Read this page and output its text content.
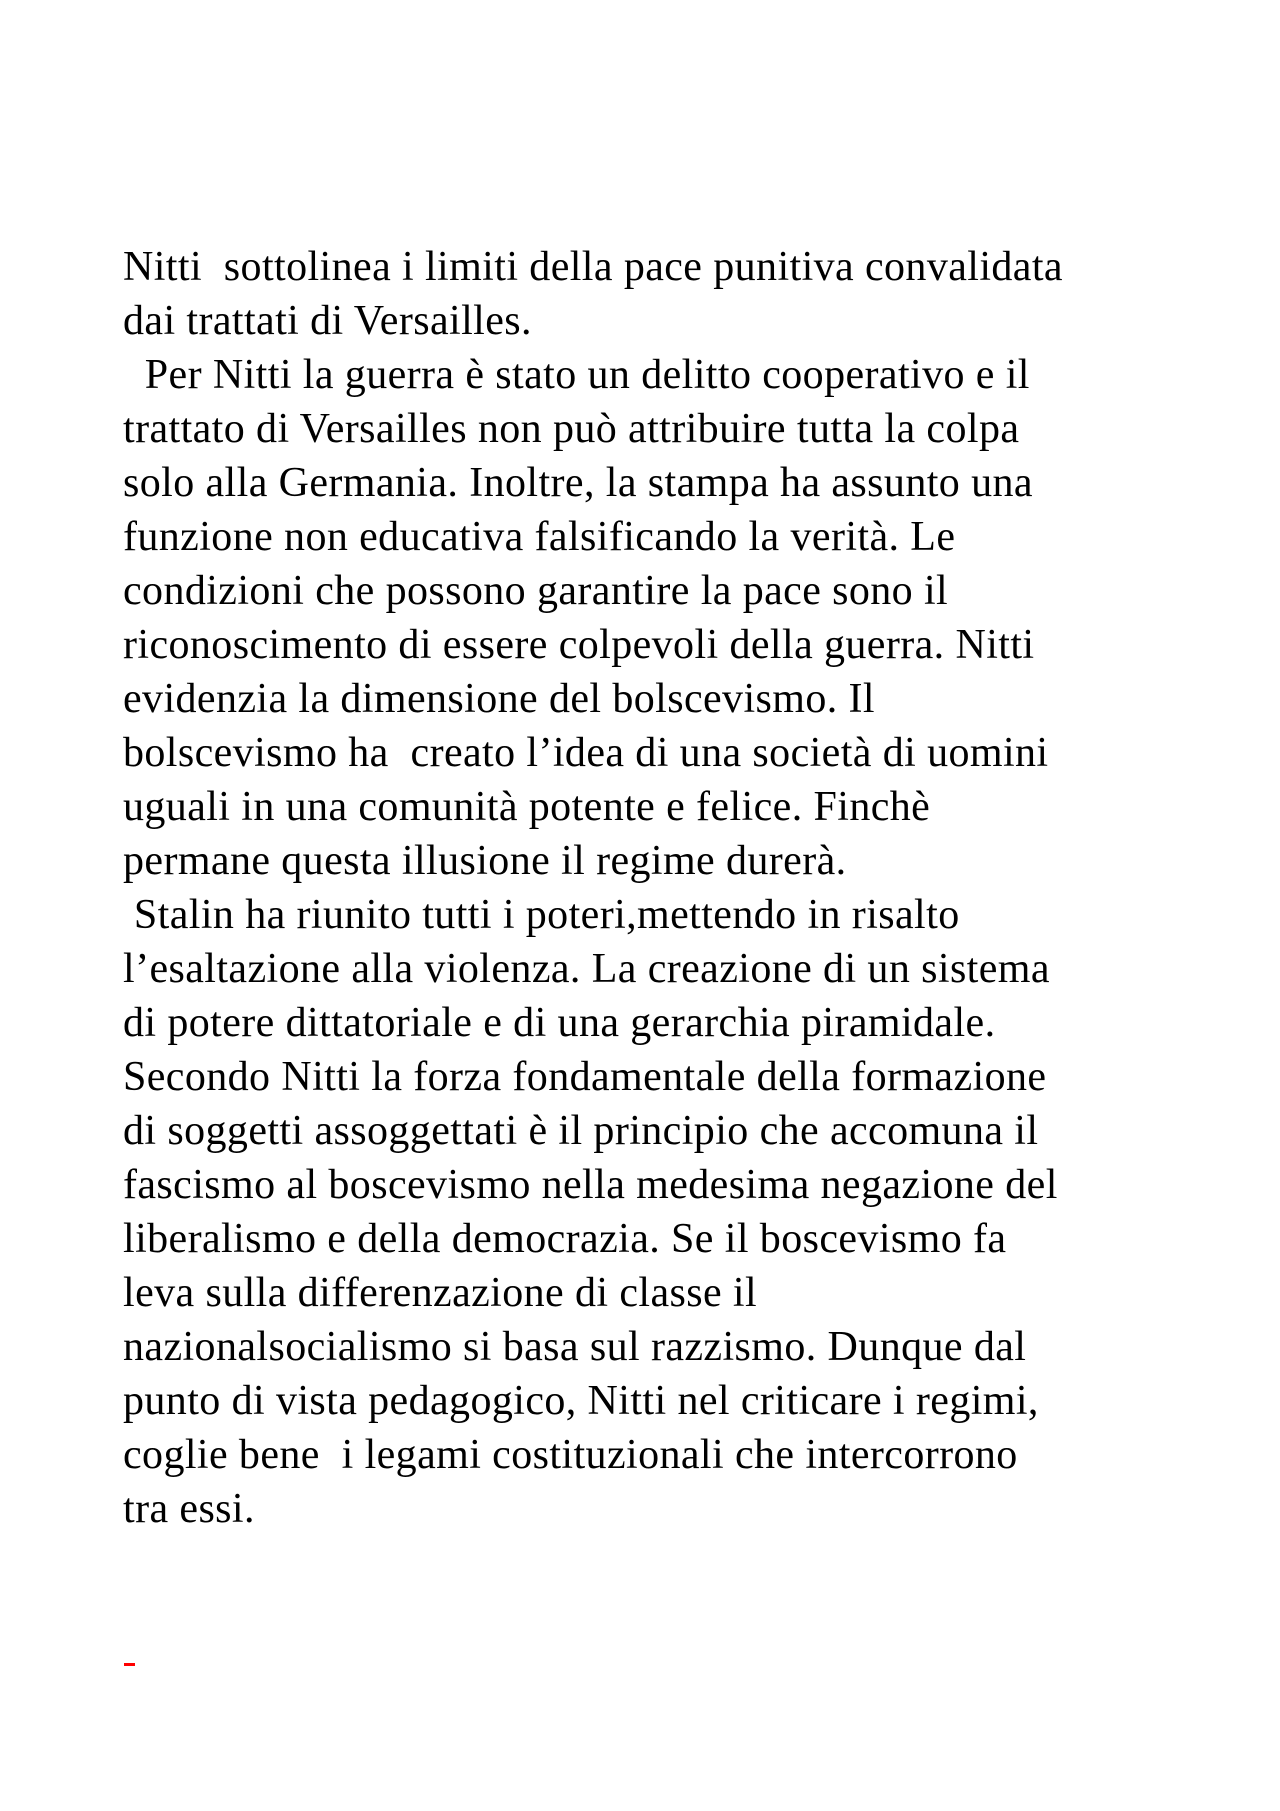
Nitti  sottolinea i limiti della pace punitiva convalidata
dai trattati di Versailles.
Per Nitti la guerra è stato un delitto cooperativo e il
trattato di Versailles non può attribuire tutta la colpa
solo alla Germania. Inoltre, la stampa ha assunto una
funzione non educativa falsificando la verità. Le
condizioni che possono garantire la pace sono il
riconoscimento di essere colpevoli della guerra. Nitti
evidenzia la dimensione del bolscevismo. Il
bolscevismo ha  creato l’idea di una società di uomini
uguali in una comunità potente e felice. Finchè
permane questa illusione il regime durerà.
Stalin ha riunito tutti i poteri,mettendo in risalto
l’esaltazione alla violenza. La creazione di un sistema
di potere dittatoriale e di una gerarchia piramidale.
Secondo Nitti la forza fondamentale della formazione
di soggetti assoggettati è il principio che accomuna il
fascismo al boscevismo nella medesima negazione del
liberalismo e della democrazia. Se il boscevismo fa
leva sulla differenzazione di classe il
nazionalsocialismo si basa sul razzismo. Dunque dal
punto di vista pedagogico, Nitti nel criticare i regimi,
coglie bene  i legami costituzionali che intercorrono
tra essi.
